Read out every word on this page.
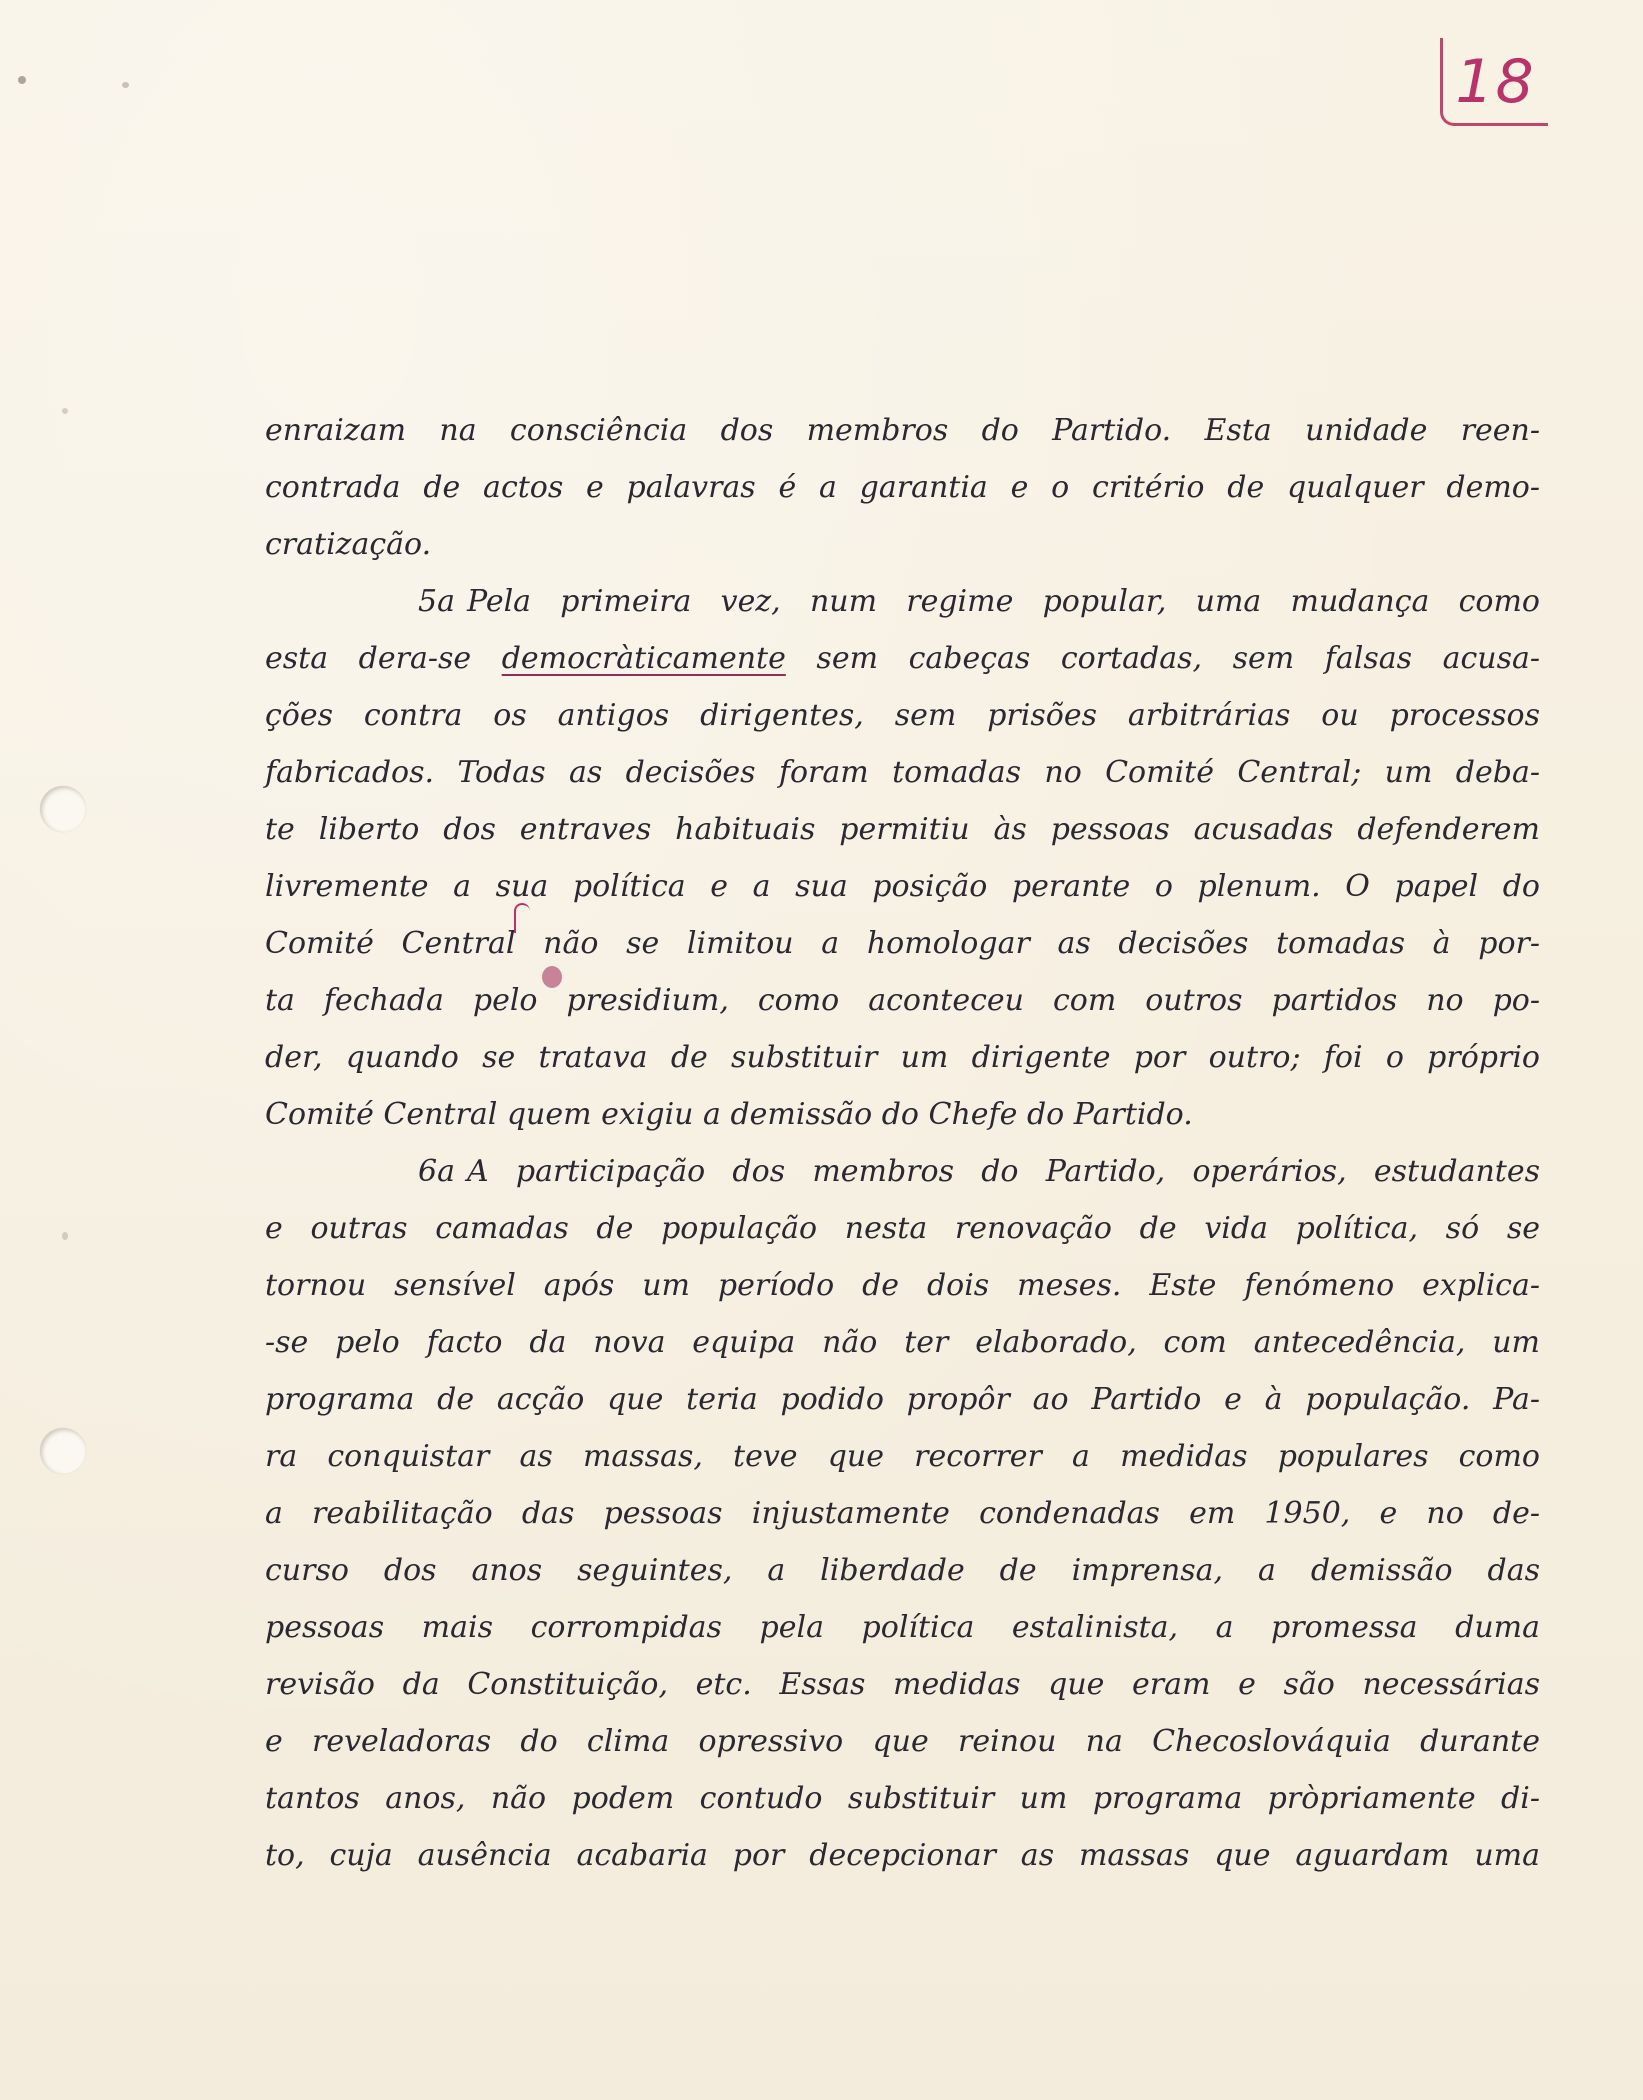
18
enraizam na consciência dos membros do Partido. Esta unidade reen-
contrada de actos e palavras é a garantia e o critério de qualquer demo-
cratização.
5a Pela primeira vez, num regime popular, uma mudança como
esta dera-se democràticamente sem cabeças cortadas, sem falsas acusa-
ções contra os antigos dirigentes, sem prisões arbitrárias ou processos
fabricados. Todas as decisões foram tomadas no Comité Central; um deba-
te liberto dos entraves habituais permitiu às pessoas acusadas defenderem
livremente a sua política e a sua posição perante o plenum. O papel do
Comité Central não se limitou a homologar as decisões tomadas à por-
ta fechada pelo presidium, como aconteceu com outros partidos no po-
der, quando se tratava de substituir um dirigente por outro; foi o próprio
Comité Central quem exigiu a demissão do Chefe do Partido.
6a A participação dos membros do Partido, operários, estudantes
e outras camadas de população nesta renovação de vida política, só se
tornou sensível após um período de dois meses. Este fenómeno explica-
-se pelo facto da nova equipa não ter elaborado, com antecedência, um
programa de acção que teria podido propôr ao Partido e à população. Pa-
ra conquistar as massas, teve que recorrer a medidas populares como
a reabilitação das pessoas injustamente condenadas em 1950, e no de-
curso dos anos seguintes, a liberdade de imprensa, a demissão das
pessoas mais corrompidas pela política estalinista, a promessa duma
revisão da Constituição, etc. Essas medidas que eram e são necessárias
e reveladoras do clima opressivo que reinou na Checoslováquia durante
tantos anos, não podem contudo substituir um programa pròpriamente di-
to, cuja ausência acabaria por decepcionar as massas que aguardam uma
